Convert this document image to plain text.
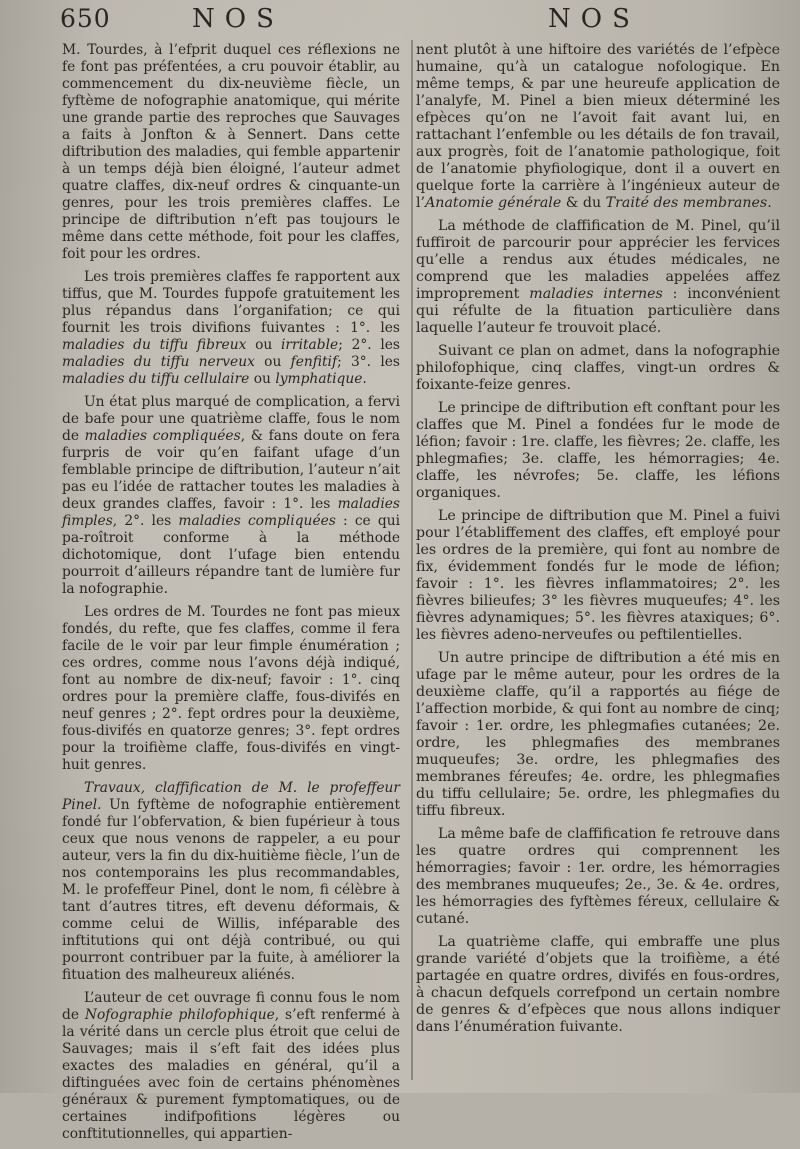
650	NOS	NOS

M. Tourdes, à l’efprit duquel ces réflexions ne fe font pas préfentées, a cru pouvoir établir, au commencement du dix-neuvième fiècle, un fyftème de nofographie anatomique, qui mérite une grande partie des reproches que Sauvages a faits à Jonfton & à Sennert. Dans cette diftribution des maladies, qui femble appartenir à un temps déjà bien éloigné, l’auteur admet quatre claffes, dix-neuf ordres & cinquante-un genres, pour les trois premières claffes. Le principe de diftribution n’eft pas toujours le même dans cette méthode, foit pour les claffes, foit pour les ordres.

Les trois premières claffes fe rapportent aux tiffus, que M. Tourdes fuppofe gratuitement les plus répandus dans l’organifation; ce qui fournit les trois divifions fuivantes : 1°. les maladies du tiffu fibreux ou irritable; 2°. les maladies du tiffu nerveux ou fenfitif; 3°. les maladies du tiffu cellulaire ou lymphatique.

Un état plus marqué de complication, a fervi de bafe pour une quatrième claffe, fous le nom de maladies compliquées, & fans doute on fera furpris de voir qu’en faifant ufage d’un femblable principe de diftribution, l’auteur n’ait pas eu l’idée de rattacher toutes les maladies à deux grandes claffes, favoir : 1°. les maladies fimples, 2°. les maladies compliquées : ce qui pa-roîtroit conforme à la méthode dichotomique, dont l’ufage bien entendu pourroit d’ailleurs répandre tant de lumière fur la nofographie.

Les ordres de M. Tourdes ne font pas mieux fondés, du refte, que fes claffes, comme il fera facile de le voir par leur fimple énumération ; ces ordres, comme nous l’avons déjà indiqué, font au nombre de dix-neuf; favoir : 1°. cinq ordres pour la première claffe, fous-divifés en neuf genres ; 2°. fept ordres pour la deuxième, fous-divifés en quatorze genres; 3°. fept ordres pour la troifième claffe, fous-divifés en vingt-huit genres.

Travaux, claffification de M. le profeffeur Pinel. Un fyftème de nofographie entièrement fondé fur l’obfervation, & bien fupérieur à tous ceux que nous venons de rappeler, a eu pour auteur, vers la fin du dix-huitième fiècle, l’un de nos contemporains les plus recommandables, M. le profeffeur Pinel, dont le nom, fi célèbre à tant d’autres titres, eft devenu déformais, & comme celui de Willis, inféparable des inftitutions qui ont déjà contribué, ou qui pourront contribuer par la fuite, à améliorer la fituation des malheureux aliénés.

L’auteur de cet ouvrage fi connu fous le nom de Nofographie philofophique, s’eft renfermé à la vérité dans un cercle plus étroit que celui de Sauvages; mais il s’eft fait des idées plus exactes des maladies en général, qu’il a diftinguées avec foin de certains phénomènes généraux & purement fymptomatiques, ou de certaines indifpofitions légères ou conftitutionnelles, qui appartien-

nent plutôt à une hiftoire des variétés de l’efpèce humaine, qu’à un catalogue nofologique. En même temps, & par une heureufe application de l’analyfe, M. Pinel a bien mieux déterminé les efpèces qu’on ne l’avoit fait avant lui, en rattachant l’enfemble ou les détails de fon travail, aux progrès, foit de l’anatomie pathologique, foit de l’anatomie phyfiologique, dont il a ouvert en quelque forte la carrière à l’ingénieux auteur de l’Anatomie générale & du Traité des membranes.

La méthode de claffification de M. Pinel, qu’il fuffiroit de parcourir pour apprécier les fervices qu’elle a rendus aux études médicales, ne comprend que les maladies appelées affez improprement maladies internes : inconvénient qui réfulte de la fituation particulière dans laquelle l’auteur fe trouvoit placé.

Suivant ce plan on admet, dans la nofographie philofophique, cinq claffes, vingt-un ordres & foixante-feize genres.

Le principe de diftribution eft conftant pour les claffes que M. Pinel a fondées fur le mode de léfion; favoir : 1re. claffe, les fièvres; 2e. claffe, les phlegmafies; 3e. claffe, les hémorragies; 4e. claffe, les névrofes; 5e. claffe, les léfions organiques.

Le principe de diftribution que M. Pinel a fuivi pour l’établiffement des claffes, eft employé pour les ordres de la première, qui font au nombre de fix, évidemment fondés fur le mode de léfion; favoir : 1°. les fièvres inflammatoires; 2°. les fièvres bilieufes; 3° les fièvres muqueufes; 4°. les fièvres adynamiques; 5°. les fièvres ataxiques; 6°. les fièvres adeno-nerveufes ou peftilentielles.

Un autre principe de diftribution a été mis en ufage par le même auteur, pour les ordres de la deuxième claffe, qu’il a rapportés au fiége de l’affection morbide, & qui font au nombre de cinq; favoir : 1er. ordre, les phlegmafies cutanées; 2e. ordre, les phlegmafies des membranes muqueufes; 3e. ordre, les phlegmafies des membranes féreufes; 4e. ordre, les phlegmafies du tiffu cellulaire; 5e. ordre, les phlegmafies du tiffu fibreux.

La même bafe de claffification fe retrouve dans les quatre ordres qui comprennent les hémorragies; favoir : 1er. ordre, les hémorragies des membranes muqueufes; 2e., 3e. & 4e. ordres, les hémorragies des fyftèmes féreux, cellulaire & cutané.

La quatrième claffe, qui embraffe une plus grande variété d’objets que la troifième, a été partagée en quatre ordres, divifés en fous-ordres, à chacun defquels correfpond un certain nombre de genres & d’efpèces que nous allons indiquer dans l’énumération fuivante.
